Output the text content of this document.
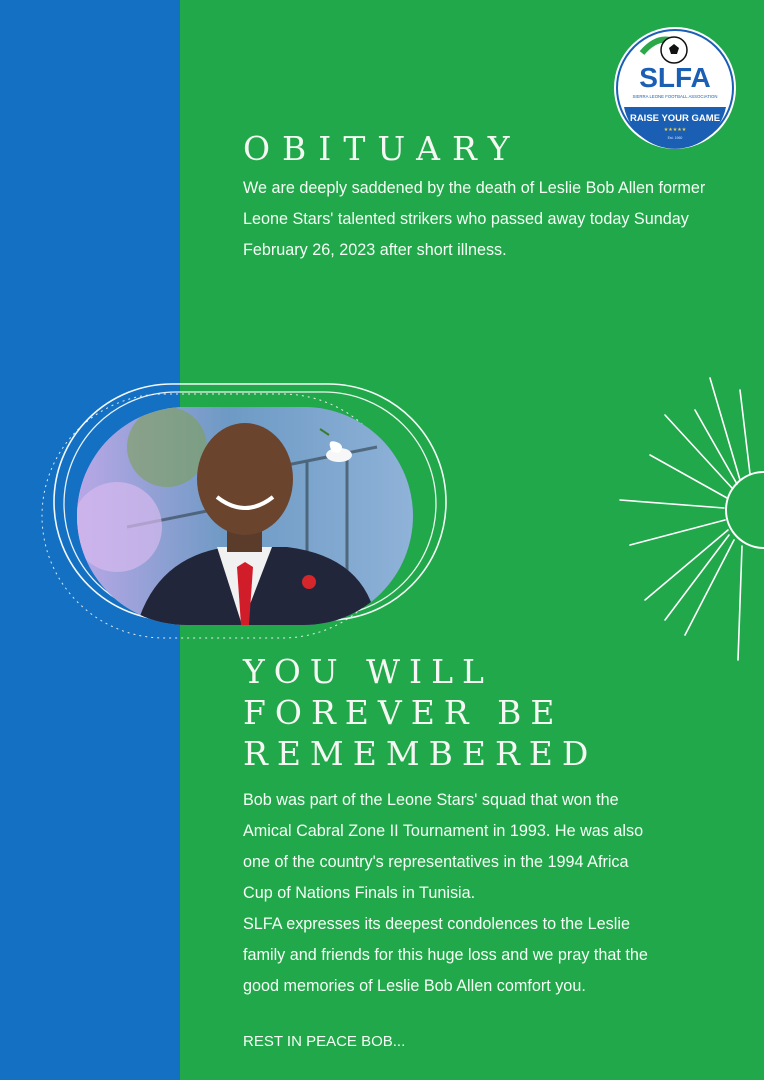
SLFA
SIERRA LEONE FOOTBALL ASSOCIATION
RAISE YOUR GAME
★★★★★
Est. 1960
OBITUARY
We are deeply saddened by the death of Leslie Bob Allen former Leone Stars' talented strikers who passed away today Sunday February 26, 2023 after short illness.
YOU WILL
FOREVER BE
REMEMBERED
Bob was part of the Leone Stars' squad that won the
Amical Cabral Zone II Tournament in 1993. He was also
one of the country's representatives in the 1994 Africa
Cup of Nations Finals in Tunisia.
SLFA expresses its deepest condolences to the Leslie
family and friends for this huge loss and we pray that the
good memories of Leslie Bob Allen comfort you.
REST IN PEACE BOB...
